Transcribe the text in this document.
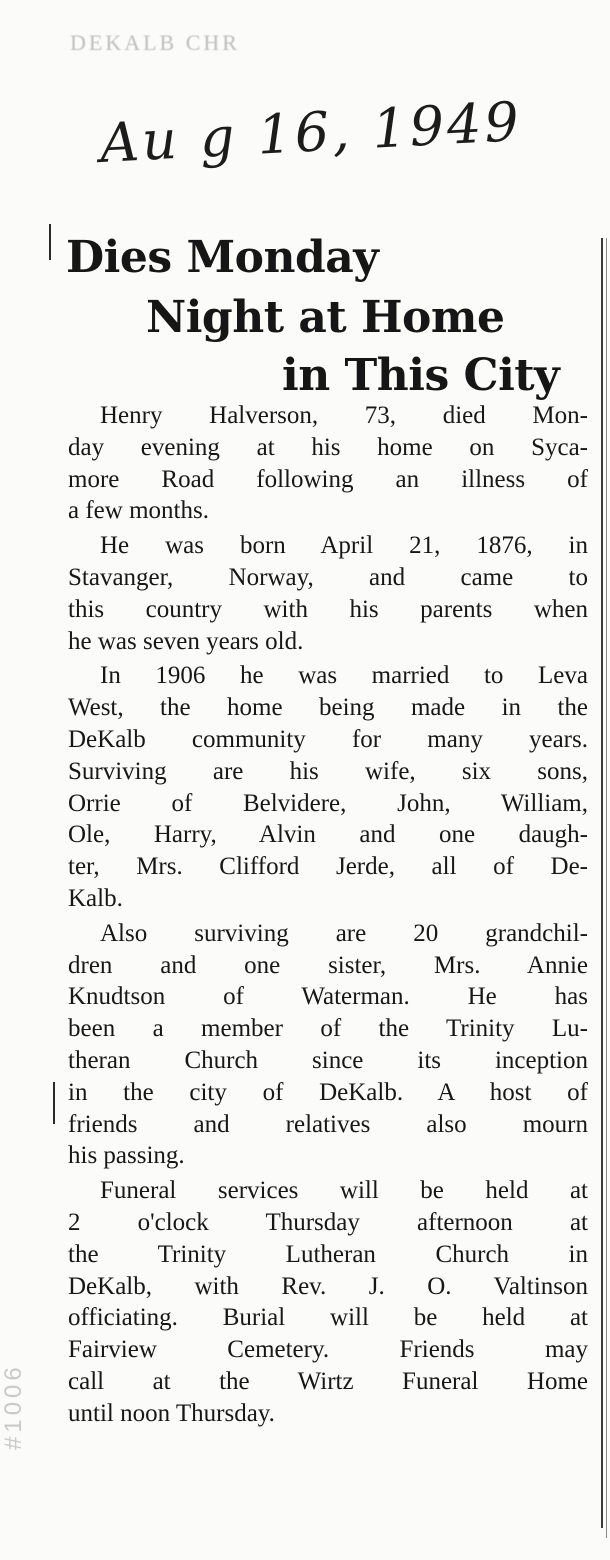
DEKALB CHR
Au g 16, 1949
#1006
Dies Monday
Night at Home
in This City
Henry Halverson, 73, died Mon-
day evening at his home on Syca-
more Road following an illness of
a few months.
He was born April 21, 1876, in
Stavanger, Norway, and came to
this country with his parents when
he was seven years old.
In 1906 he was married to Leva
West, the home being made in the
DeKalb community for many years.
Surviving are his wife, six sons,
Orrie of Belvidere, John, William,
Ole, Harry, Alvin and one daugh-
ter, Mrs. Clifford Jerde, all of De-
Kalb.
Also surviving are 20 grandchil-
dren and one sister, Mrs. Annie
Knudtson of Waterman. He has
been a member of the Trinity Lu-
theran Church since its inception
in the city of DeKalb. A host of
friends and relatives also mourn
his passing.
Funeral services will be held at
2 o'clock Thursday afternoon at
the Trinity Lutheran Church in
DeKalb, with Rev. J. O. Valtinson
officiating. Burial will be held at
Fairview Cemetery. Friends may
call at the Wirtz Funeral Home
until noon Thursday.
